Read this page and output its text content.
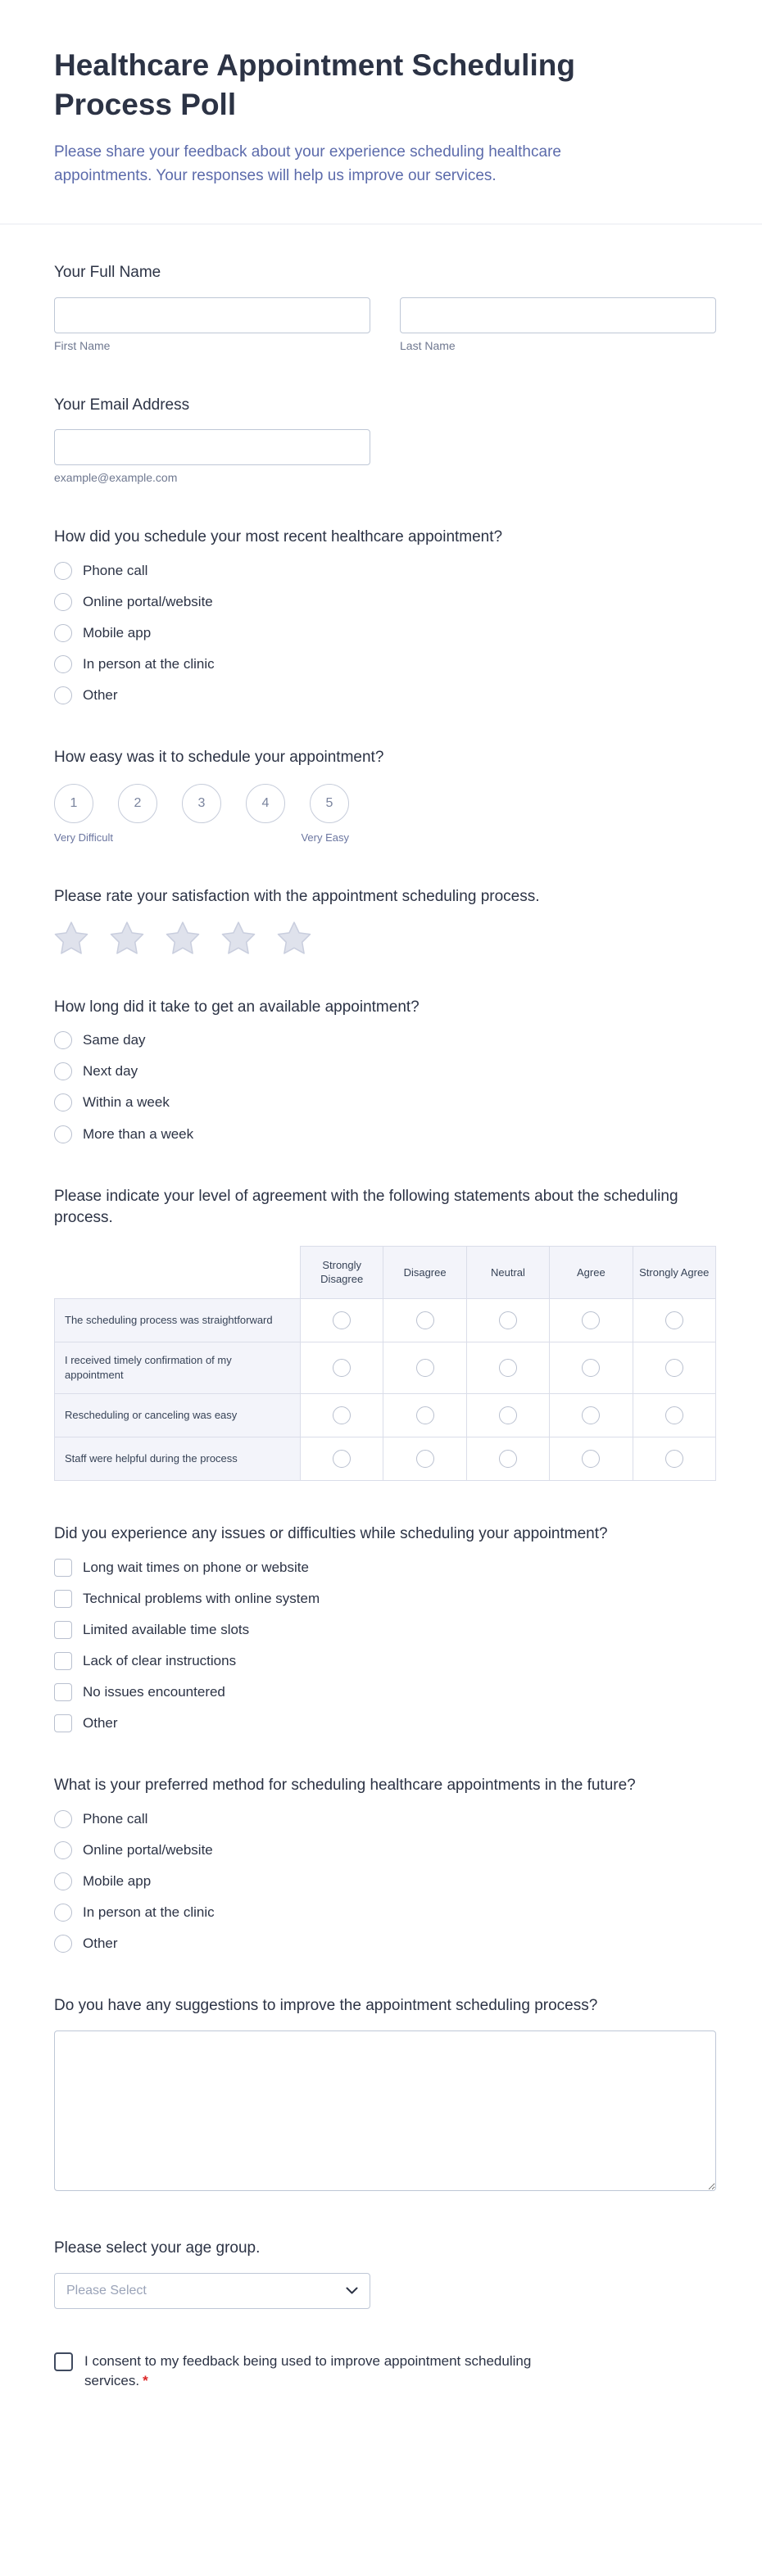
Healthcare Appointment Scheduling Process Poll

Please share your feedback about your experience scheduling healthcare appointments. Your responses will help us improve our services.

Your Full Name
First Name	Last Name
Your Email Address
example@example.com
How did you schedule your most recent healthcare appointment?
Phone call
Online portal/website
Mobile app
In person at the clinic
Other
How easy was it to schedule your appointment?
1	2	3	4	5
Very Difficult	Very Easy
Please rate your satisfaction with the appointment scheduling process.
How long did it take to get an available appointment?
Same day
Next day
Within a week
More than a week
Please indicate your level of agreement with the following statements about the scheduling process.
	Strongly Disagree	Disagree	Neutral	Agree	Strongly Agree
The scheduling process was straightforward					
I received timely confirmation of my appointment					
Rescheduling or canceling was easy					
Staff were helpful during the process					
Did you experience any issues or difficulties while scheduling your appointment?
Long wait times on phone or website
Technical problems with online system
Limited available time slots
Lack of clear instructions
No issues encountered
Other
What is your preferred method for scheduling healthcare appointments in the future?
Phone call
Online portal/website
Mobile app
In person at the clinic
Other
Do you have any suggestions to improve the appointment scheduling process?
Please select your age group.
Please Select
I consent to my feedback being used to improve appointment scheduling services. *
